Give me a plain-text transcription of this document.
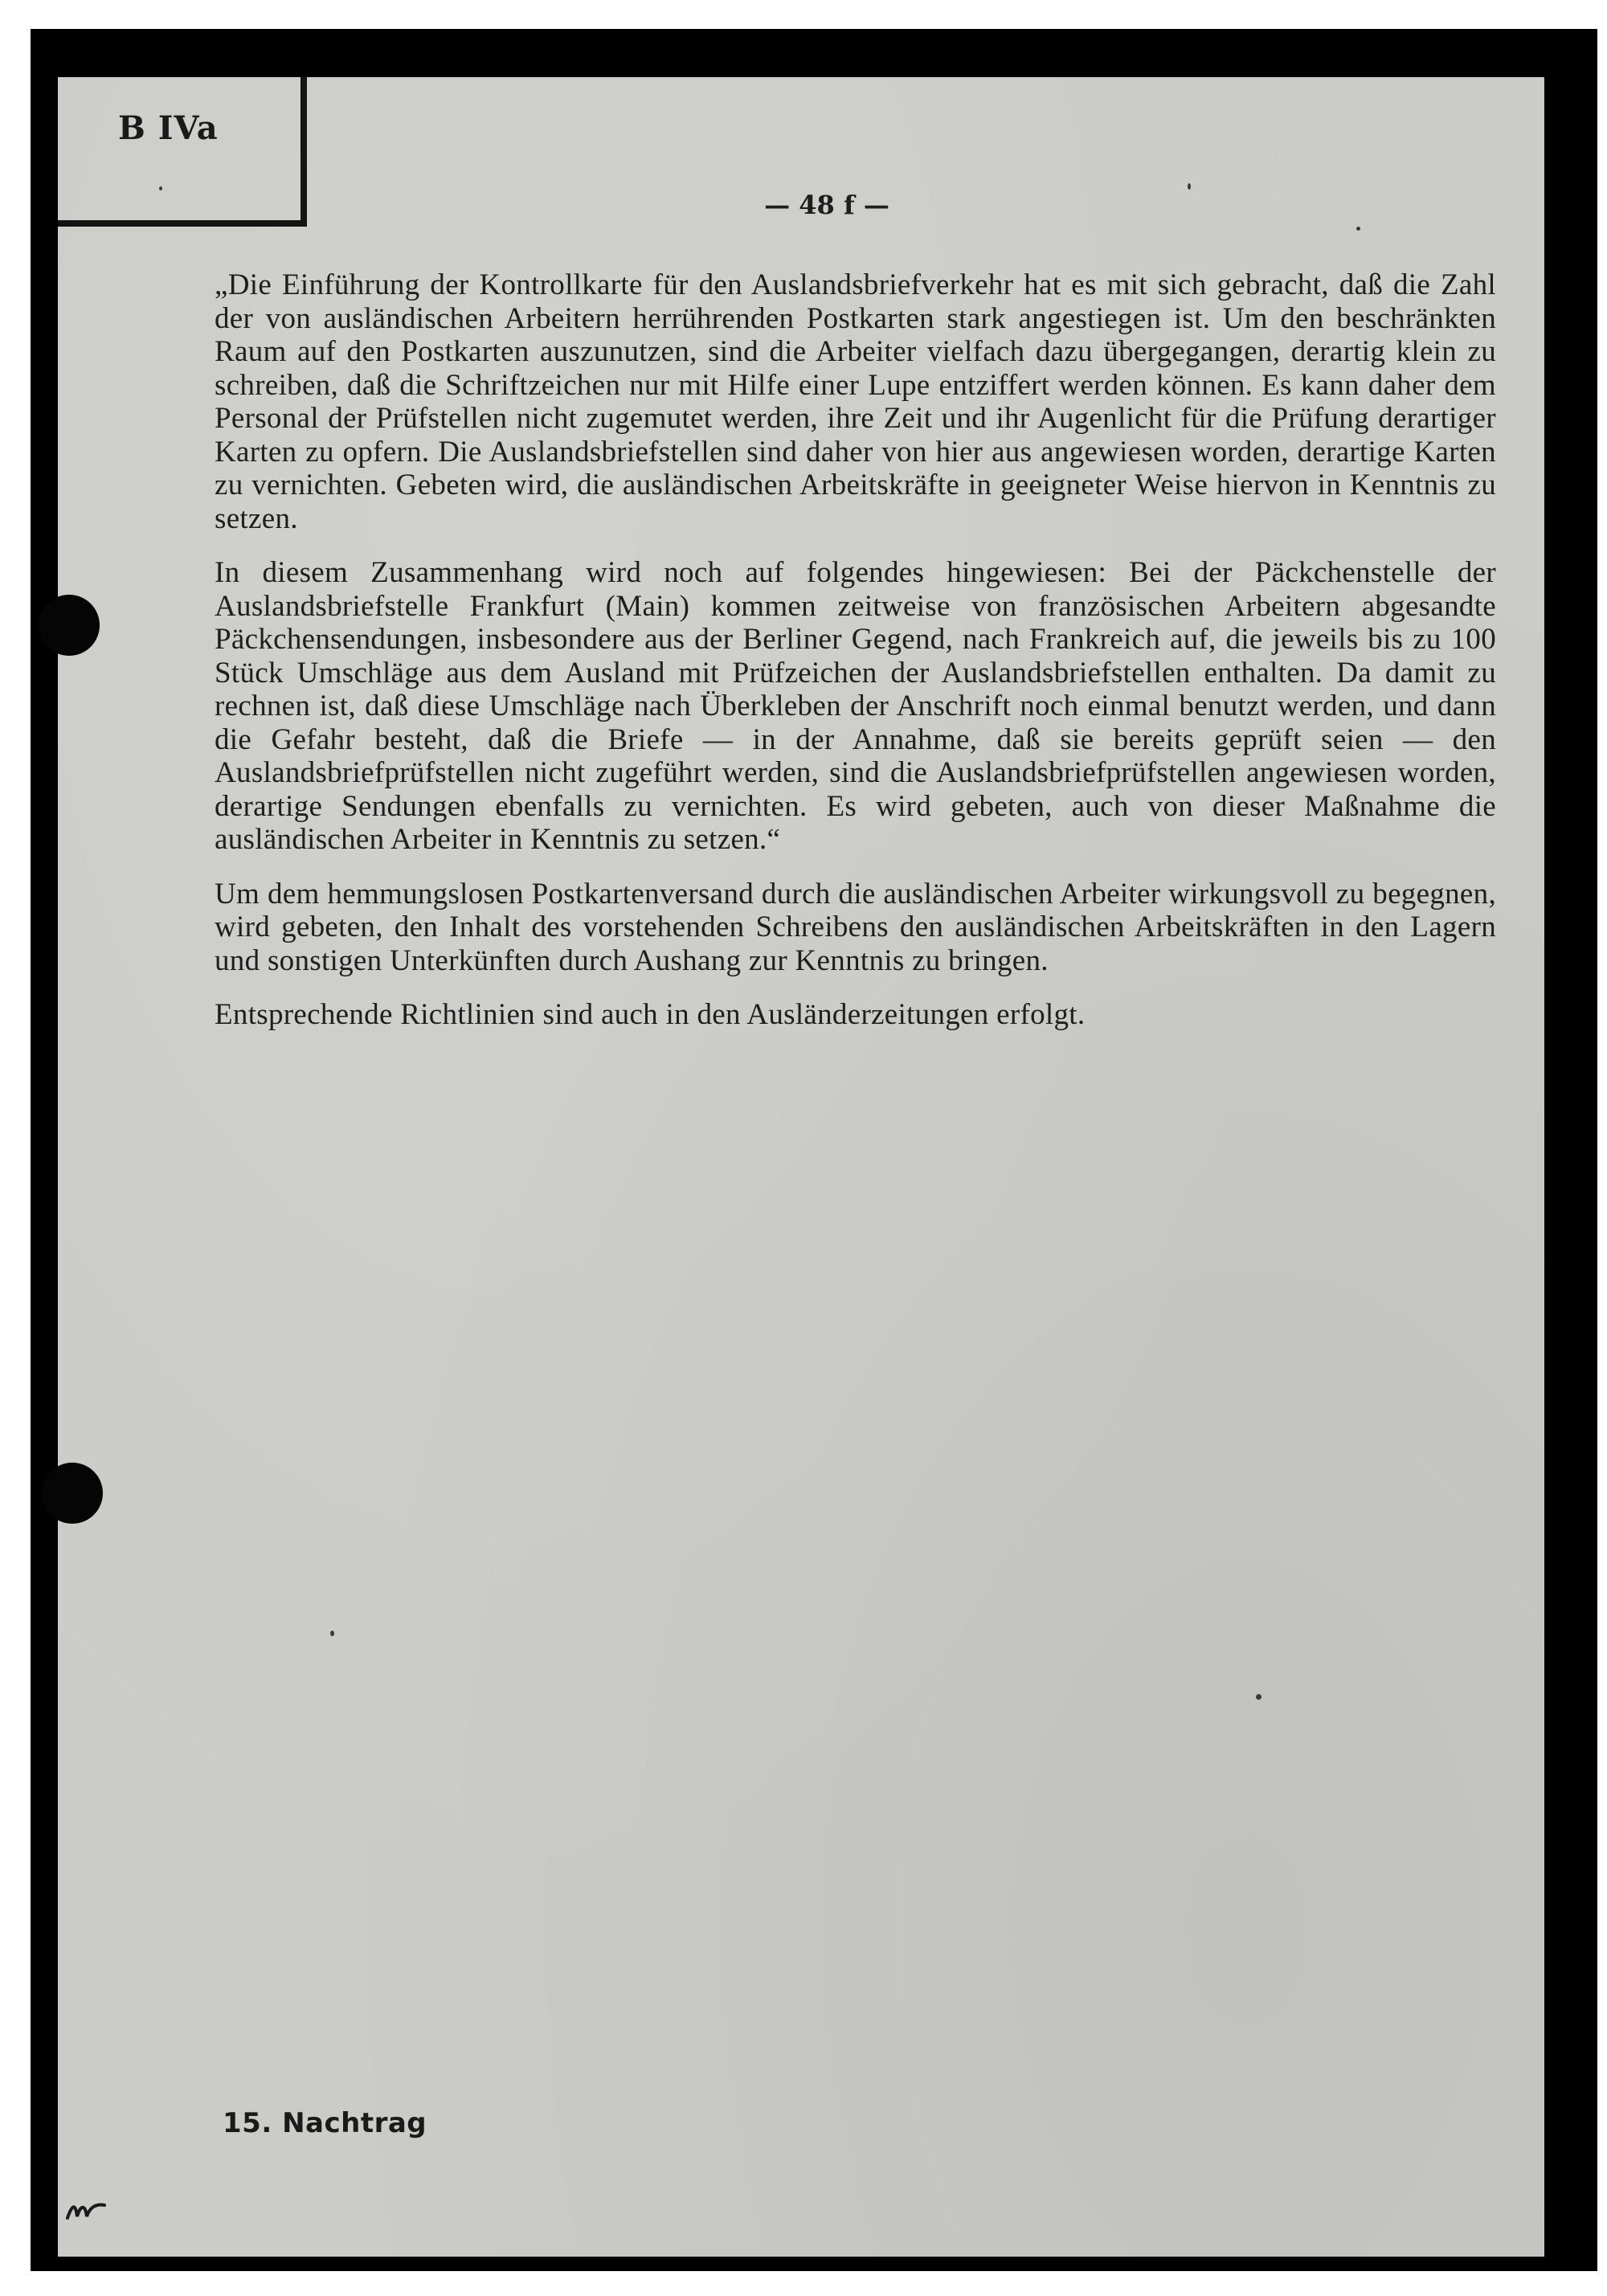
B IVa
— 48 f —

„Die Einführung der Kontrollkarte für den Auslandsbriefverkehr hat es mit sich gebracht, daß die Zahl der von ausländischen Arbeitern herrührenden Postkarten stark angestiegen ist. Um den beschränkten Raum auf den Postkarten auszunutzen, sind die Arbeiter vielfach dazu übergegangen, derartig klein zu schreiben, daß die Schriftzeichen nur mit Hilfe einer Lupe entziffert werden können. Es kann daher dem Personal der Prüfstellen nicht zugemutet werden, ihre Zeit und ihr Augenlicht für die Prüfung derartiger Karten zu opfern. Die Auslandsbriefstellen sind daher von hier aus angewiesen worden, derartige Karten zu vernichten. Gebeten wird, die ausländischen Arbeitskräfte in geeigneter Weise hiervon in Kenntnis zu setzen.

In diesem Zusammenhang wird noch auf folgendes hingewiesen: Bei der Päckchenstelle der Auslandsbriefstelle Frankfurt (Main) kommen zeitweise von französischen Arbeitern abgesandte Päckchensendungen, insbesondere aus der Berliner Gegend, nach Frankreich auf, die jeweils bis zu 100 Stück Umschläge aus dem Ausland mit Prüfzeichen der Auslandsbriefstellen enthalten. Da damit zu rechnen ist, daß diese Umschläge nach Überkleben der Anschrift noch einmal benutzt werden, und dann die Gefahr besteht, daß die Briefe — in der Annahme, daß sie bereits geprüft seien — den Auslandsbriefprüfstellen nicht zugeführt werden, sind die Auslandsbriefprüfstellen angewiesen worden, derartige Sendungen ebenfalls zu vernichten. Es wird gebeten, auch von dieser Maßnahme die ausländischen Arbeiter in Kenntnis zu setzen.“

Um dem hemmungslosen Postkartenversand durch die ausländischen Arbeiter wirkungsvoll zu begegnen, wird gebeten, den Inhalt des vorstehenden Schreibens den ausländischen Arbeitskräften in den Lagern und sonstigen Unterkünften durch Aushang zur Kenntnis zu bringen.

Entsprechende Richtlinien sind auch in den Ausländerzeitungen erfolgt.

15. Nachtrag
